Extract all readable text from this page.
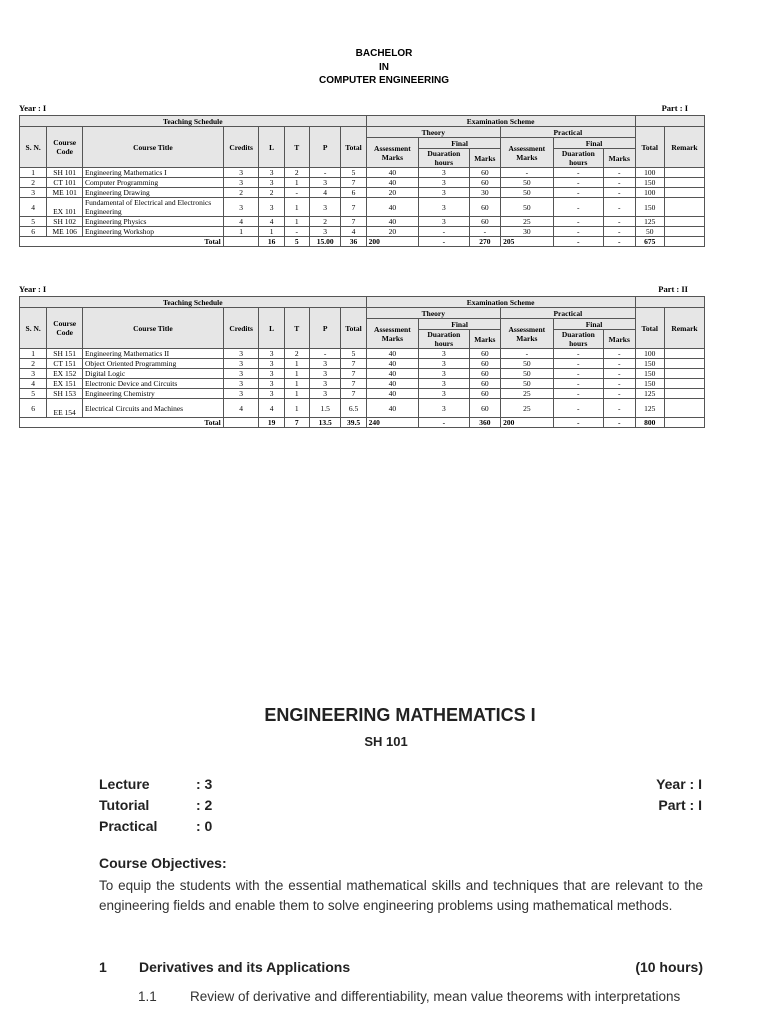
BACHELOR
IN
COMPUTER ENGINEERING
Year : I	Part : I
Teaching Schedule								Examination Scheme							
S. N.	Course Code	Course Title	Credits	L	T	P	Total	Theory			Practical			Total	Remark
								Assessment Marks	Final		Assessment Marks	Final			
									Duaration hours	Marks		Duaration hours	Marks		
1	SH 101	Engineering Mathematics I	3	3	2	-	5	40	3	60	-	-	-	100	
2	CT 101	Computer Programming	3	3	1	3	7	40	3	60	50	-	-	150	
3	ME 101	Engineering Drawing	2	2	-	4	6	20	3	30	50	-	-	100	
4	EX 101	Fundamental of Electrical and Electronics Engineering	3	3	1	3	7	40	3	60	50	-	-	150	
5	SH 102	Engineering Physics	4	4	1	2	7	40	3	60	25	-	-	125	
6	ME 106	Engineering Workshop	1	1	-	3	4	20	-	-	30	-	-	50	
Total				16	5	15.00	36	200	-	270	205	-	-	675	
Year : I	Part : II
Teaching Schedule								Examination Scheme							
S. N.	Course Code	Course Title	Credits	L	T	P	Total	Theory			Practical			Total	Remark
								Assessment Marks	Final		Assessment Marks	Final			
									Duaration hours	Marks		Duaration hours	Marks		
1	SH 151	Engineering Mathematics II	3	3	2	-	5	40	3	60	-	-	-	100	
2	CT 151	Object Oriented Programming	3	3	1	3	7	40	3	60	50	-	-	150	
3	EX 152	Digital Logic	3	3	1	3	7	40	3	60	50	-	-	150	
4	EX 151	Electronic Device and Circuits	3	3	1	3	7	40	3	60	50	-	-	150	
5	SH 153	Engineering Chemistry	3	3	1	3	7	40	3	60	25	-	-	125	
6	EE 154	Electrical Circuits and Machines	4	4	1	1.5	6.5	40	3	60	25	-	-	125	
Total				19	7	13.5	39.5	240	-	360	200	-	-	800	
ENGINEERING MATHEMATICS I
SH 101
Lecture	: 3
Tutorial	: 2
Practical	: 0
Year : I
Part : I
Course Objectives:
To equip the students with the essential mathematical skills and techniques that are relevant to the engineering fields and enable them to solve engineering problems using mathematical methods.
1	Derivatives and its Applications	(10 hours)
1.1	Review of derivative and differentiability, mean value theorems with interpretations
